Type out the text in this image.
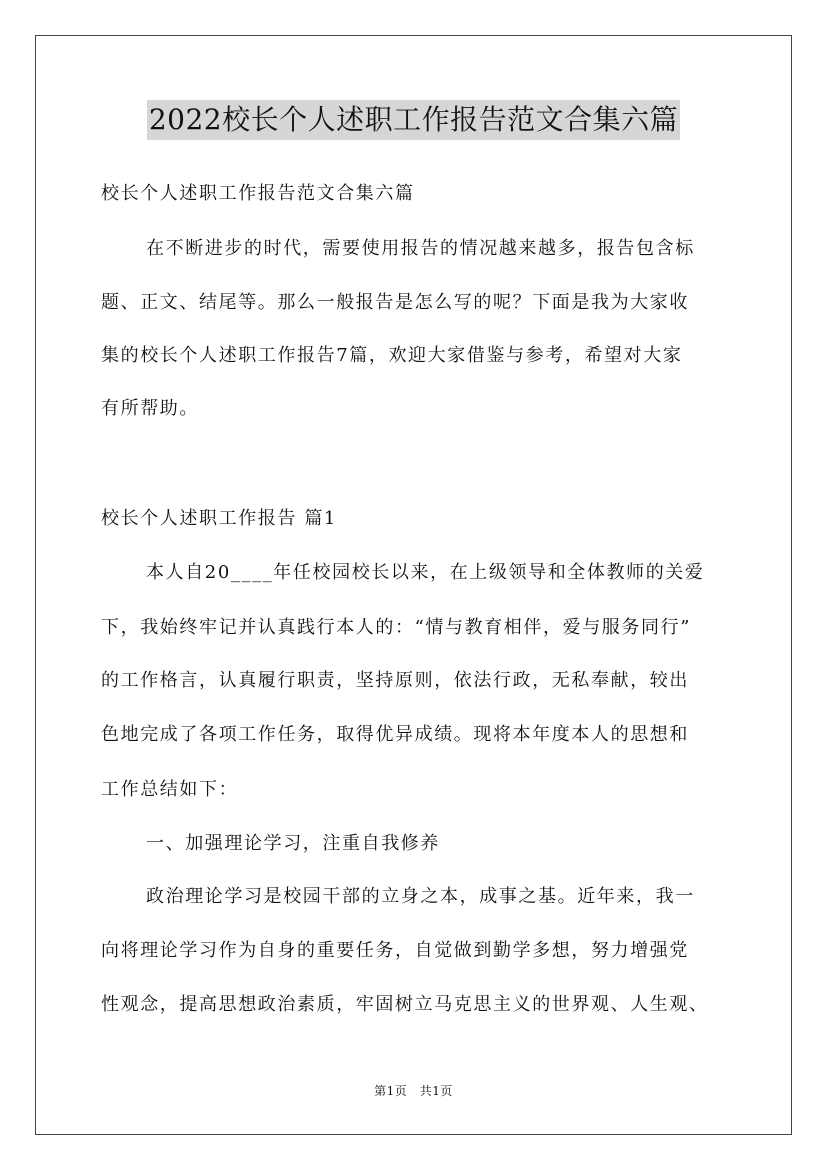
2022校长个人述职工作报告范文合集六篇
校长个人述职工作报告范文合集六篇
在不断进步的时代，需要使用报告的情况越来越多，报告包含标
题、正文、结尾等。那么一般报告是怎么写的呢？下面是我为大家收
集的校长个人述职工作报告7篇，欢迎大家借鉴与参考，希望对大家
有所帮助。
校长个人述职工作报告 篇1
本人自20____年任校园校长以来，在上级领导和全体教师的关爱
下，我始终牢记并认真践行本人的：“情与教育相伴，爱与服务同行”
的工作格言，认真履行职责，坚持原则，依法行政，无私奉献，较出
色地完成了各项工作任务，取得优异成绩。现将本年度本人的思想和
工作总结如下：
一、加强理论学习，注重自我修养
政治理论学习是校园干部的立身之本，成事之基。近年来，我一
向将理论学习作为自身的重要任务，自觉做到勤学多想，努力增强党
性观念，提高思想政治素质，牢固树立马克思主义的世界观、人生观、
第1页　共1页
